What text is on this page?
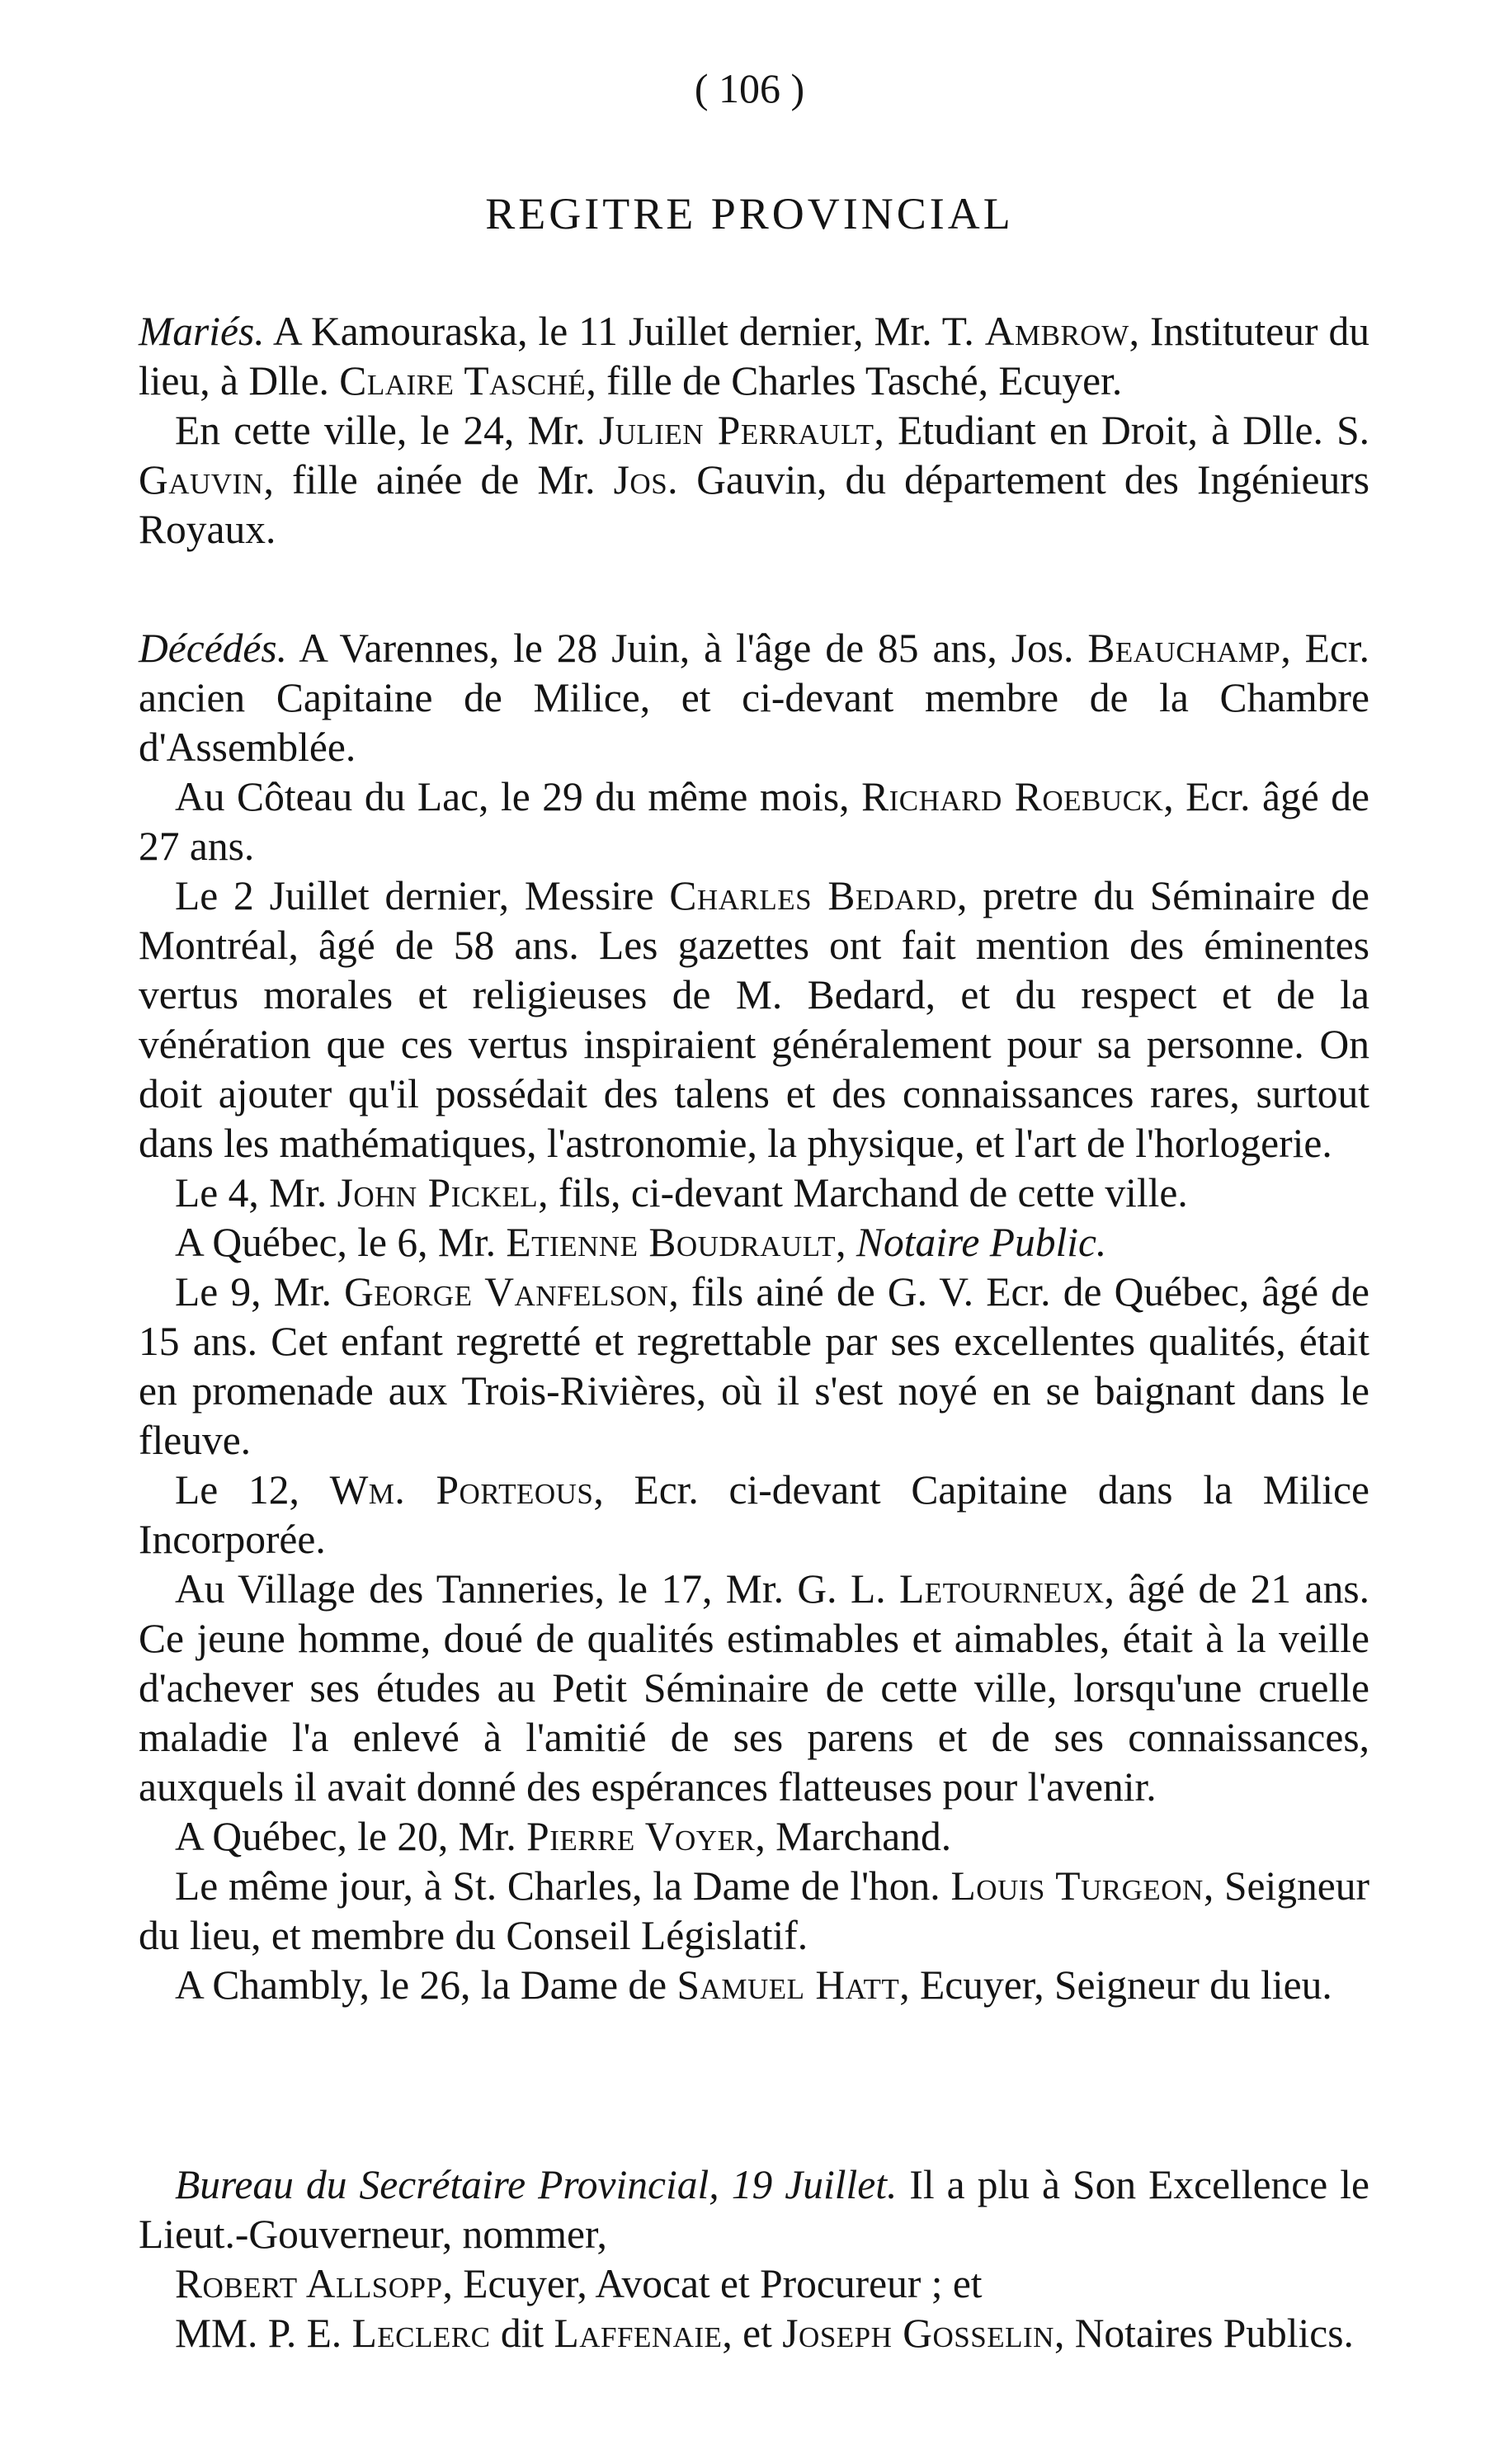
( 106 )
REGITRE PROVINCIAL

Mariés. A Kamouraska, le 11 Juillet dernier, Mr. T. Ambrow, Instituteur du lieu, à Dlle. Claire Tasché, fille de Charles Tasché, Ecuyer.

En cette ville, le 24, Mr. Julien Perrault, Etudiant en Droit, à Dlle. S. Gauvin, fille ainée de Mr. Jos. Gauvin, du département des Ingénieurs Royaux.

Décédés. A Varennes, le 28 Juin, à l'âge de 85 ans, Jos. Beauchamp, Ecr. ancien Capitaine de Milice, et ci-devant membre de la Chambre d'Assemblée.

Au Côteau du Lac, le 29 du même mois, Richard Roebuck, Ecr. âgé de 27 ans.

Le 2 Juillet dernier, Messire Charles Bedard, pretre du Séminaire de Montréal, âgé de 58 ans. Les gazettes ont fait mention des éminentes vertus morales et religieuses de M. Bedard, et du respect et de la vénération que ces vertus inspiraient généralement pour sa personne. On doit ajouter qu'il possédait des talens et des connaissances rares, surtout dans les mathématiques, l'astronomie, la physique, et l'art de l'horlogerie.

Le 4, Mr. John Pickel, fils, ci-devant Marchand de cette ville.

A Québec, le 6, Mr. Etienne Boudrault, Notaire Public.

Le 9, Mr. George Vanfelson, fils ainé de G. V. Ecr. de Québec, âgé de 15 ans. Cet enfant regretté et regrettable par ses excellentes qualités, était en promenade aux Trois-Rivières, où il s'est noyé en se baignant dans le fleuve.

Le 12, Wm. Porteous, Ecr. ci-devant Capitaine dans la Milice Incorporée.

Au Village des Tanneries, le 17, Mr. G. L. Letourneux, âgé de 21 ans. Ce jeune homme, doué de qualités estimables et aimables, était à la veille d'achever ses études au Petit Séminaire de cette ville, lorsqu'une cruelle maladie l'a enlevé à l'amitié de ses parens et de ses connaissances, auxquels il avait donné des espérances flatteuses pour l'avenir.

A Québec, le 20, Mr. Pierre Voyer, Marchand.

Le même jour, à St. Charles, la Dame de l'hon. Louis Turgeon, Seigneur du lieu, et membre du Conseil Législatif.

A Chambly, le 26, la Dame de Samuel Hatt, Ecuyer, Seigneur du lieu.

Bureau du Secrétaire Provincial, 19 Juillet. Il a plu à Son Excellence le Lieut.-Gouverneur, nommer,

Robert Allsopp, Ecuyer, Avocat et Procureur ; et

MM. P. E. Leclerc dit Laffenaie, et Joseph Gosselin, Notaires Publics.
